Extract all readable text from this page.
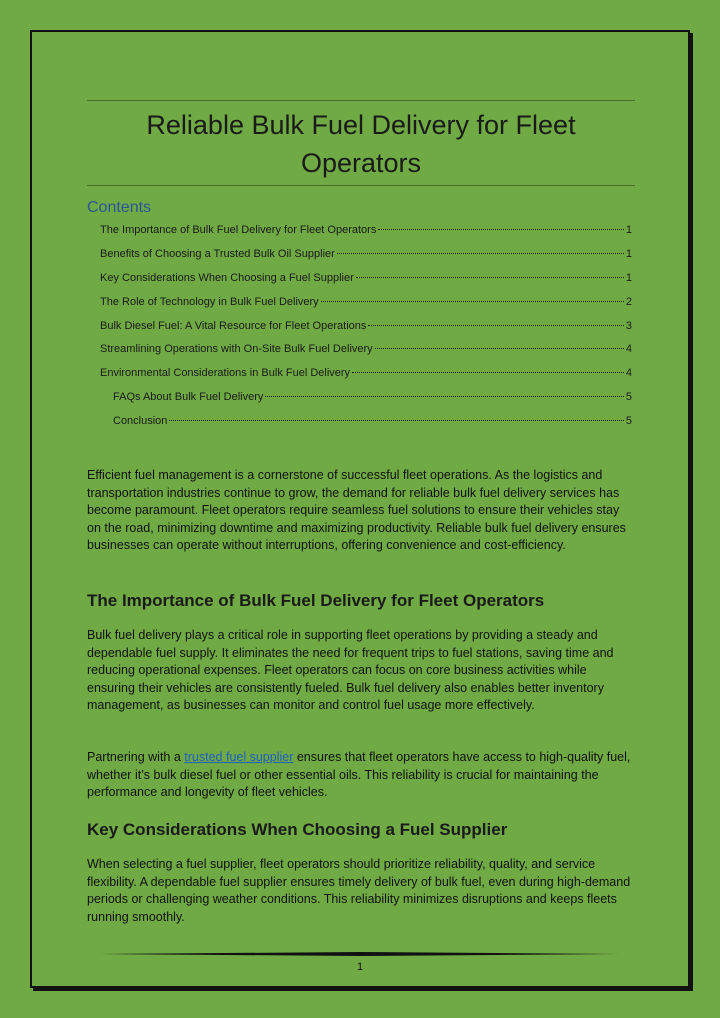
Reliable Bulk Fuel Delivery for Fleet Operators
Contents
The Importance of Bulk Fuel Delivery for Fleet Operators	1
Benefits of Choosing a Trusted Bulk Oil Supplier	1
Key Considerations When Choosing a Fuel Supplier	1
The Role of Technology in Bulk Fuel Delivery	2
Bulk Diesel Fuel: A Vital Resource for Fleet Operations	3
Streamlining Operations with On-Site Bulk Fuel Delivery	4
Environmental Considerations in Bulk Fuel Delivery	4
FAQs About Bulk Fuel Delivery	5
Conclusion	5

Efficient fuel management is a cornerstone of successful fleet operations. As the logistics and transportation industries continue to grow, the demand for reliable bulk fuel delivery services has become paramount. Fleet operators require seamless fuel solutions to ensure their vehicles stay on the road, minimizing downtime and maximizing productivity. Reliable bulk fuel delivery ensures businesses can operate without interruptions, offering convenience and cost-efficiency.

The Importance of Bulk Fuel Delivery for Fleet Operators

Bulk fuel delivery plays a critical role in supporting fleet operations by providing a steady and dependable fuel supply. It eliminates the need for frequent trips to fuel stations, saving time and reducing operational expenses. Fleet operators can focus on core business activities while ensuring their vehicles are consistently fueled. Bulk fuel delivery also enables better inventory management, as businesses can monitor and control fuel usage more effectively.

Partnering with a trusted fuel supplier ensures that fleet operators have access to high-quality fuel, whether it’s bulk diesel fuel or other essential oils. This reliability is crucial for maintaining the performance and longevity of fleet vehicles.

Key Considerations When Choosing a Fuel Supplier

When selecting a fuel supplier, fleet operators should prioritize reliability, quality, and service flexibility. A dependable fuel supplier ensures timely delivery of bulk fuel, even during high-demand periods or challenging weather conditions. This reliability minimizes disruptions and keeps fleets running smoothly.

1
